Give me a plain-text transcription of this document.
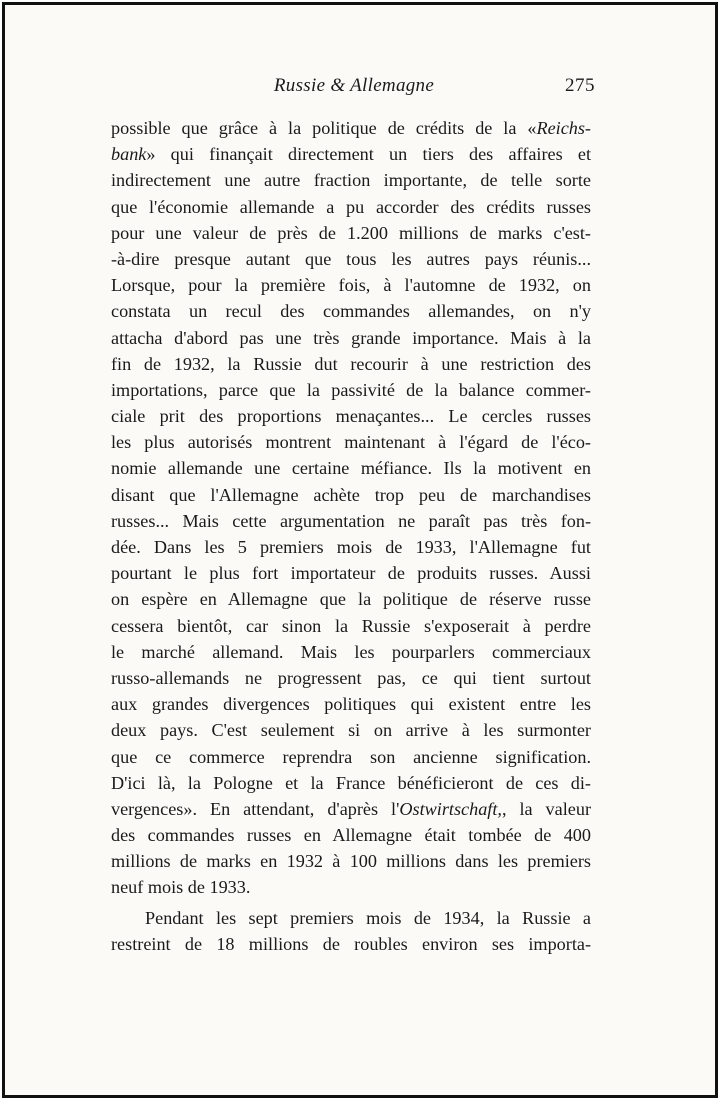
Russie & Allemagne	275
possible que grâce à la politique de crédits de la «Reichs-
bank» qui finançait directement un tiers des affaires et
indirectement une autre fraction importante, de telle sorte
que l'économie allemande a pu accorder des crédits russes
pour une valeur de près de 1.200 millions de marks c'est-
-à-dire presque autant que tous les autres pays réunis...
Lorsque, pour la première fois, à l'automne de 1932, on
constata un recul des commandes allemandes, on n'y
attacha d'abord pas une très grande importance. Mais à la
fin de 1932, la Russie dut recourir à une restriction des
importations, parce que la passivité de la balance commer-
ciale prit des proportions menaçantes... Le cercles russes
les plus autorisés montrent maintenant à l'égard de l'éco-
nomie allemande une certaine méfiance. Ils la motivent en
disant que l'Allemagne achète trop peu de marchandises
russes... Mais cette argumentation ne paraît pas très fon-
dée. Dans les 5 premiers mois de 1933, l'Allemagne fut
pourtant le plus fort importateur de produits russes. Aussi
on espère en Allemagne que la politique de réserve russe
cessera bientôt, car sinon la Russie s'exposerait à perdre
le marché allemand. Mais les pourparlers commerciaux
russo-allemands ne progressent pas, ce qui tient surtout
aux grandes divergences politiques qui existent entre les
deux pays. C'est seulement si on arrive à les surmonter
que ce commerce reprendra son ancienne signification.
D'ici là, la Pologne et la France bénéficieront de ces di-
vergences». En attendant, d'après l'Ostwirtschaft,, la valeur
des commandes russes en Allemagne était tombée de 400
millions de marks en 1932 à 100 millions dans les premiers
neuf mois de 1933.
Pendant les sept premiers mois de 1934, la Russie a
restreint de 18 millions de roubles environ ses importa-
